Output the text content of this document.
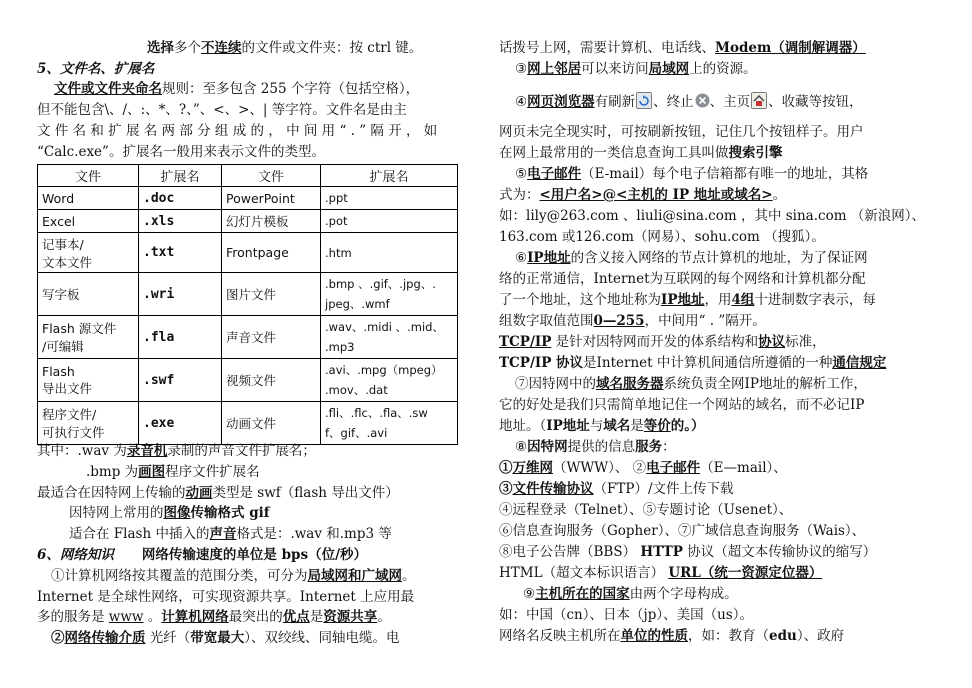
选择多个不连续的文件或文件夹：按 ctrl 键。
5、文件名、扩展名
文件或文件夹命名规则：至多包含 255 个字符（包括空格），
但不能包含\、/、:、*、?、”、<、>、| 等字符。文件名是由主
文 件 名 和 扩 展 名 两 部 分 组 成 的 ， 中 间 用 “ . ” 隔 开 ， 如
“Calc.exe”。扩展名一般用来表示文件的类型。
文件	扩展名	文件	扩展名
Word	.doc	PowerPoint	.ppt
Excel	.xls	幻灯片模板	.pot
记事本/
文本文件	.txt	Frontpage	.htm
写字板	.wri	图片文件	.bmp 、.gif、.jpg、.
jpeg、.wmf
Flash 源文件
/可编辑	.fla	声音文件	.wav、.midi 、.mid、
.mp3
Flash
导出文件	.swf	视频文件	.avi、.mpg（mpeg）
.mov、.dat
程序文件/
可执行文件	.exe	动画文件	.fli、.flc、.fla、.sw
f、gif、.avi
其中：.wav 为录音机录制的声音文件扩展名；
.bmp 为画图程序文件扩展名
最适合在因特网上传输的动画类型是 swf（flash 导出文件）
因特网上常用的图像传输格式 gif
适合在 Flash 中插入的声音格式是：.wav 和.mp3 等
6、网络知识 网络传输速度的单位是 bps（位/秒）
①计算机网络按其覆盖的范围分类，可分为局域网和广域网。
Internet 是全球性网络，可实现资源共享。Internet 上应用最
多的服务是 www 。计算机网络最突出的优点是资源共享。
②网络传输介质 光纤（带宽最大）、双绞线、同轴电缆。电
话拨号上网，需要计算机、电话线、Modem（调制解调器）
③网上邻居可以来访问局域网上的资源。
④网页浏览器有刷新 、终止 、主页 、收藏等按钮，
网页未完全现实时，可按刷新按钮，记住几个按钮样子。用户
在网上最常用的一类信息查询工具叫做搜索引擎
⑤电子邮件（E-mail）每个电子信箱都有唯一的地址，其格
式为：<用户名>@<主机的 IP 地址或域名>。
如：lily@263.com 、liuli@sina.com ，其中 sina.com （新浪网）、
163.com 或126.com（网易）、sohu.com （搜狐）。
⑥IP地址的含义接入网络的节点计算机的地址，为了保证网
络的正常通信，Internet为互联网的每个网络和计算机都分配
了一个地址，这个地址称为IP地址，用4组十进制数字表示，每
组数字取值范围0—255，中间用“ . ”隔开。
TCP/IP 是针对因特网而开发的体系结构和协议标准，
TCP/IP 协议是Internet 中计算机间通信所遵循的一种通信规定
⑦因特网中的域名服务器系统负责全网IP地址的解析工作，
它的好处是我们只需简单地记住一个网站的域名，而不必记IP
地址。（IP地址与域名是等价的。）
⑧因特网提供的信息服务：
①万维网（WWW）、 ②电子邮件（E—mail）、
③文件传输协议（FTP）/文件上传下载
④远程登录（Telnet）、⑤专题讨论（Usenet）、
⑥信息查询服务（Gopher）、⑦广域信息查询服务（Wais）、
⑧电子公告牌（BBS） HTTP 协议（超文本传输协议的缩写）
HTML（超文本标识语言） URL（统一资源定位器）
⑨主机所在的国家由两个字母构成。
如：中国（cn）、日本（jp）、美国（us）。
网络名反映主机所在单位的性质，如：教育（edu）、政府
